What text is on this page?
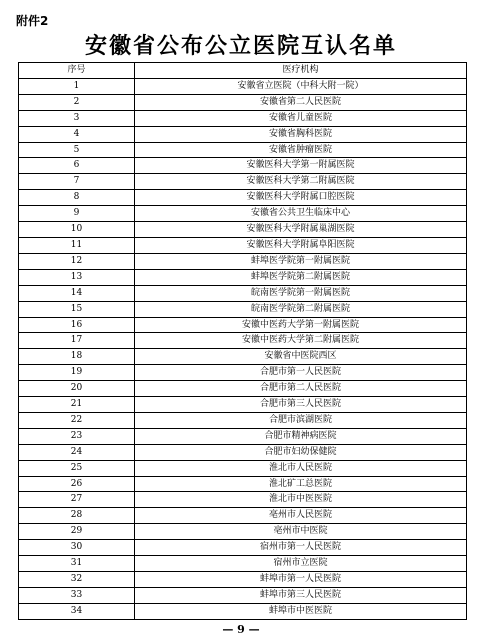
附件2
安徽省公布公立医院互认名单
序号	医疗机构
1	安徽省立医院（中科大附一院）
2	安徽省第二人民医院
3	安徽省儿童医院
4	安徽省胸科医院
5	安徽省肿瘤医院
6	安徽医科大学第一附属医院
7	安徽医科大学第二附属医院
8	安徽医科大学附属口腔医院
9	安徽省公共卫生临床中心
10	安徽医科大学附属巢湖医院
11	安徽医科大学附属阜阳医院
12	蚌埠医学院第一附属医院
13	蚌埠医学院第二附属医院
14	皖南医学院第一附属医院
15	皖南医学院第二附属医院
16	安徽中医药大学第一附属医院
17	安徽中医药大学第二附属医院
18	安徽省中医院西区
19	合肥市第一人民医院
20	合肥市第二人民医院
21	合肥市第三人民医院
22	合肥市滨湖医院
23	合肥市精神病医院
24	合肥市妇幼保健院
25	淮北市人民医院
26	淮北矿工总医院
27	淮北市中医医院
28	亳州市人民医院
29	亳州市中医院
30	宿州市第一人民医院
31	宿州市立医院
32	蚌埠市第一人民医院
33	蚌埠市第三人民医院
34	蚌埠市中医医院
— 9 —
